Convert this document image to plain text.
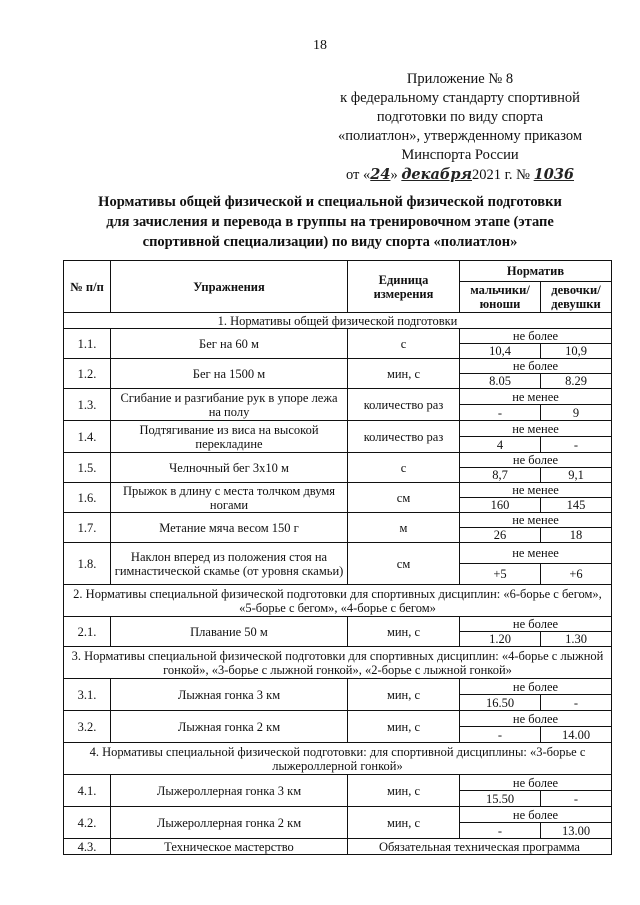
18
Приложение № 8
к федеральному стандарту спортивной
подготовки по виду спорта
«полиатлон», утвержденному приказом
Минспорта России
от «24» декабря2021 г. № 1036
Нормативы общей физической и специальной физической подготовки
для зачисления и перевода в группы на тренировочном этапе (этапе
спортивной специализации) по виду спорта «полиатлон»
№ п/п	Упражнения	Единица измерения	Норматив	
			мальчики/ юноши	девочки/ девушки
1. Нормативы общей физической подготовки				
1.1.	Бег на 60 м	с	не более	
			10,4	10,9
1.2.	Бег на 1500 м	мин, с	не более	
			8.05	8.29
1.3.	Сгибание и разгибание рук в упоре лежа на полу	количество раз	не менее	
			-	9
1.4.	Подтягивание из виса на высокой перекладине	количество раз	не менее	
			4	-
1.5.	Челночный бег 3x10 м	с	не более	
			8,7	9,1
1.6.	Прыжок в длину с места толчком двумя ногами	см	не менее	
			160	145
1.7.	Метание мяча весом 150 г	м	не менее	
			26	18
1.8.	Наклон вперед из положения стоя на гимнастической скамье (от уровня скамьи)	см	не менее	
			+5	+6
2. Нормативы специальной физической подготовки для спортивных дисциплин: «6-борье с бегом», «5-борье с бегом», «4-борье с бегом»				
2.1.	Плавание 50 м	мин, с	не более	
			1.20	1.30
3. Нормативы специальной физической подготовки для спортивных дисциплин: «4-борье с лыжной гонкой», «3-борье с лыжной гонкой», «2-борье с лыжной гонкой»				
3.1.	Лыжная гонка 3 км	мин, с	не более	
			16.50	-
3.2.	Лыжная гонка 2 км	мин, с	не более	
			-	14.00
4. Нормативы специальной физической подготовки: для спортивной дисциплины: «3-борье с лыжероллерной гонкой»				
4.1.	Лыжероллерная гонка 3 км	мин, с	не более	
			15.50	-
4.2.	Лыжероллерная гонка 2 км	мин, с	не более	
			-	13.00
4.3.	Техническое мастерство	Обязательная техническая программа		
